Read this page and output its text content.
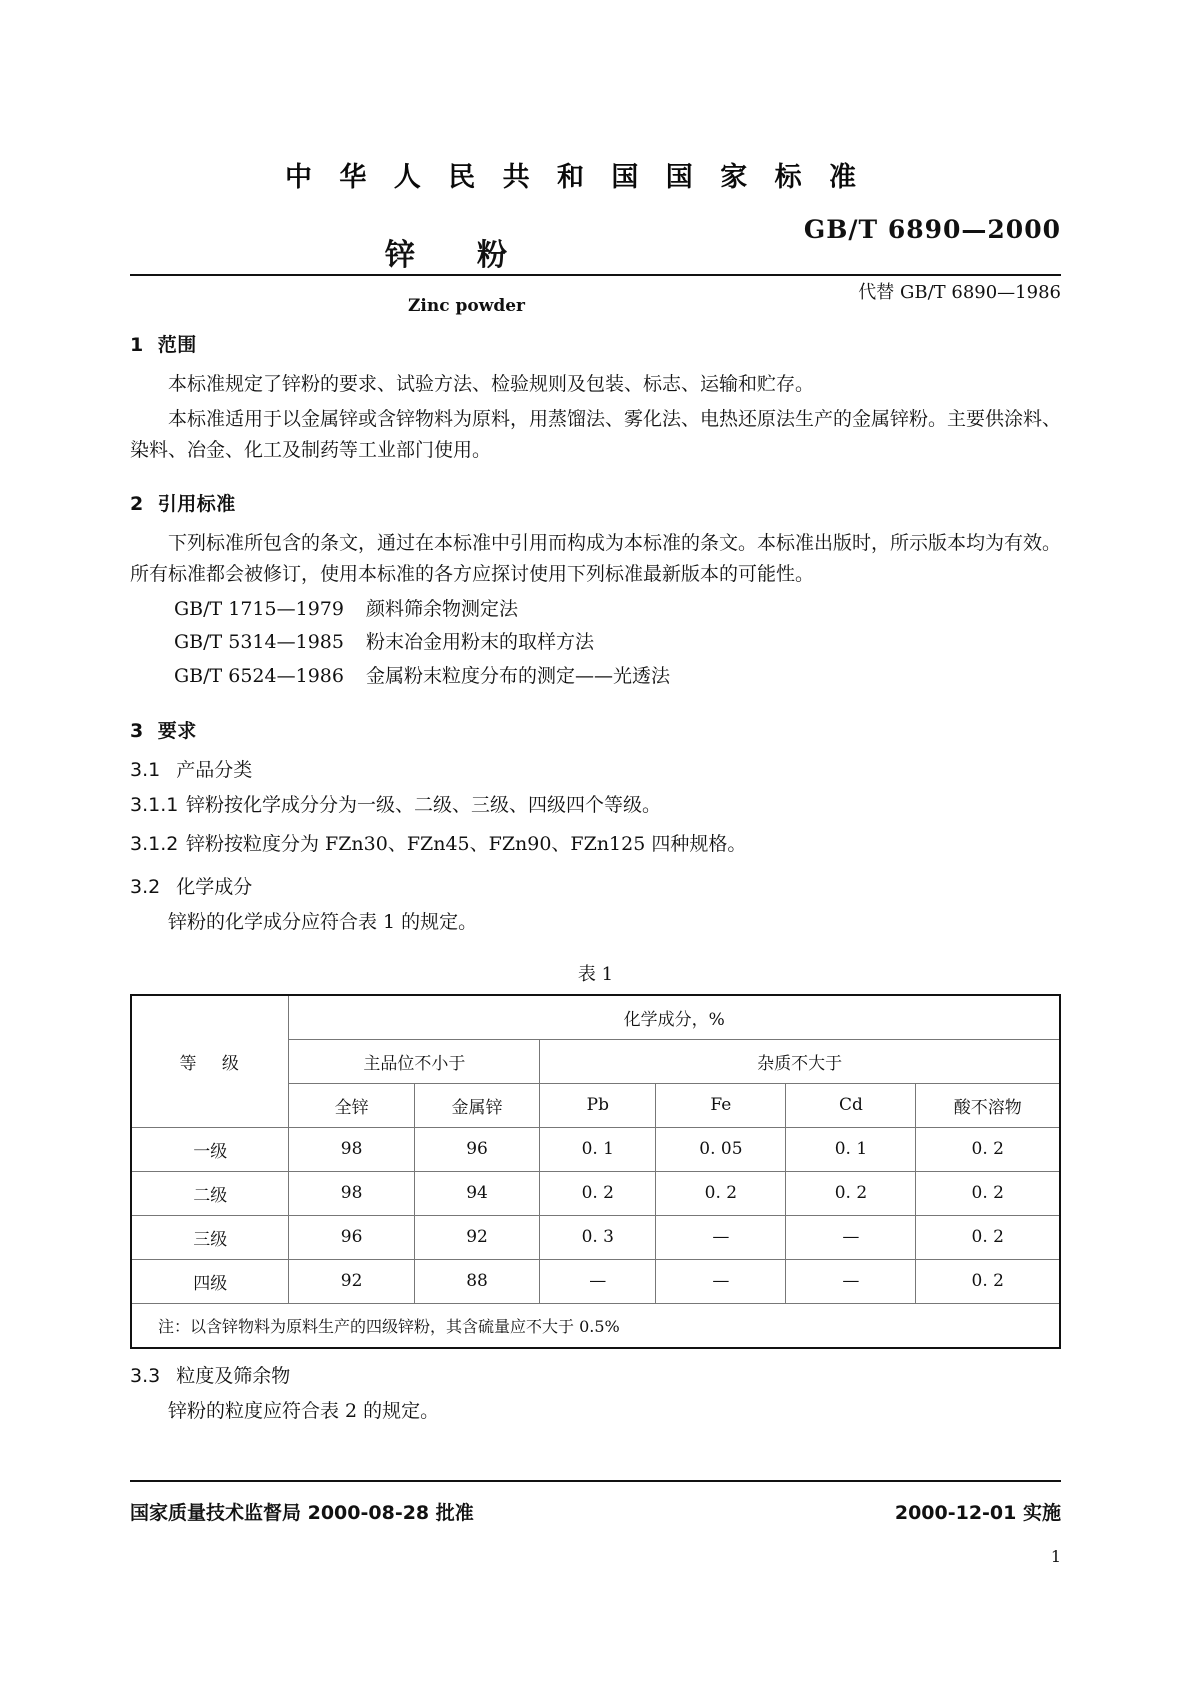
中 华 人 民 共 和 国 国 家 标 准
GB/T 6890—2000
代替 GB/T 6890—1986
锌 粉
Zinc powder
1 范围

本标准规定了锌粉的要求、试验方法、检验规则及包装、标志、运输和贮存。

本标准适用于以金属锌或含锌物料为原料，用蒸馏法、雾化法、电热还原法生产的金属锌粉。主要供涂料、染料、冶金、化工及制药等工业部门使用。

2 引用标准

下列标准所包含的条文，通过在本标准中引用而构成为本标准的条文。本标准出版时，所示版本均为有效。所有标准都会被修订，使用本标准的各方应探讨使用下列标准最新版本的可能性。

GB/T 1715—1979 颜料筛余物测定法
GB/T 5314—1985 粉末冶金用粉末的取样方法
GB/T 6524—1986 金属粉末粒度分布的测定——光透法
3 要求
3.1 产品分类
3.1.1 锌粉按化学成分分为一级、二级、三级、四级四个等级。
3.1.2 锌粉按粒度分为 FZn30、FZn45、FZn90、FZn125 四种规格。
3.2 化学成分

锌粉的化学成分应符合表 1 的规定。

表 1
等 级	化学成分，%					
	主品位不小于		杂质不大于			
	全锌	金属锌	Pb	Fe	Cd	酸不溶物
一级	98	96	0. 1	0. 05	0. 1	0. 2
二级	98	94	0. 2	0. 2	0. 2	0. 2
三级	96	92	0. 3	—	—	0. 2
四级	92	88	—	—	—	0. 2
注：以含锌物料为原料生产的四级锌粉，其含硫量应不大于 0.5%						
3.3 粒度及筛余物

锌粉的粒度应符合表 2 的规定。

国家质量技术监督局 2000-08-28 批准	2000-12-01 实施
1
